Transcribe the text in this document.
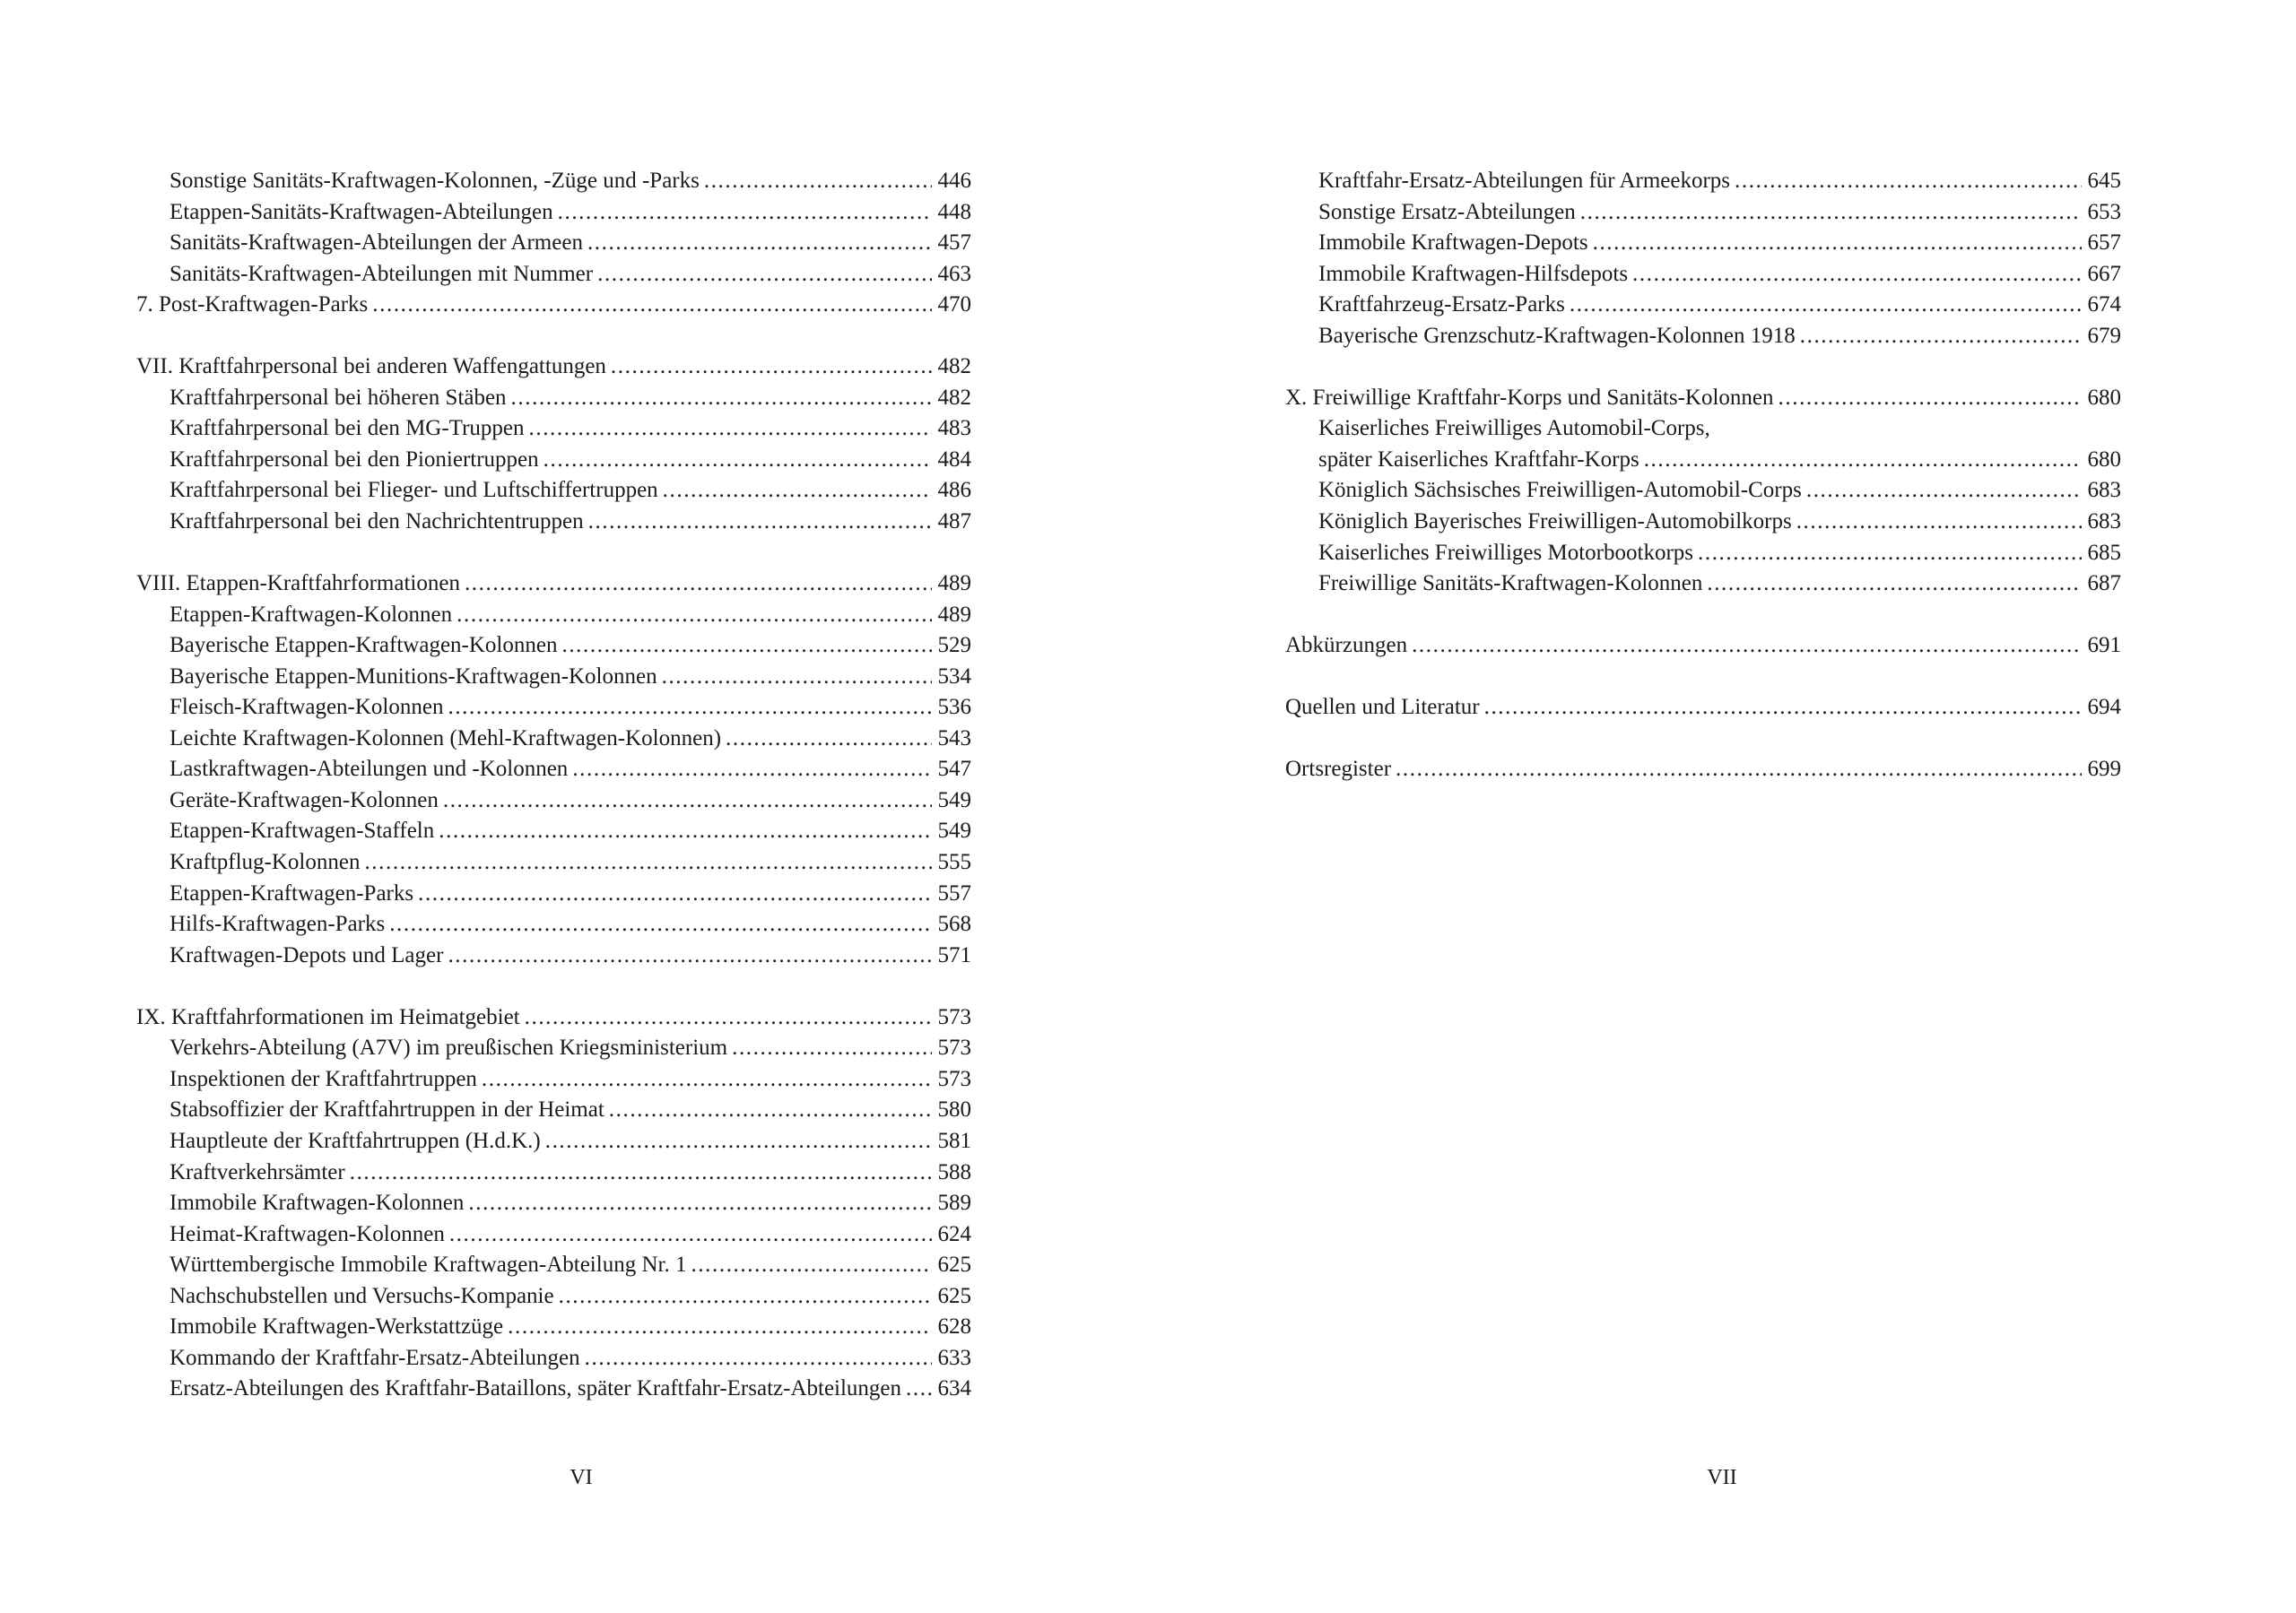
Sonstige Sanitäts-Kraftwagen-Kolonnen, -Züge und -Parks .....	446
Etappen-Sanitäts-Kraftwagen-Abteilungen .....	448
Sanitäts-Kraftwagen-Abteilungen der Armeen .....	457
Sanitäts-Kraftwagen-Abteilungen mit Nummer .....	463
7. Post-Kraftwagen-Parks .....	470
VII. Kraftfahrpersonal bei anderen Waffengattungen .....	482
Kraftfahrpersonal bei höheren Stäben .....	482
Kraftfahrpersonal bei den MG-Truppen .....	483
Kraftfahrpersonal bei den Pioniertruppen .....	484
Kraftfahrpersonal bei Flieger- und Luftschiffertruppen .....	486
Kraftfahrpersonal bei den Nachrichtentruppen .....	487
VIII. Etappen-Kraftfahrformationen .....	489
Etappen-Kraftwagen-Kolonnen .....	489
Bayerische Etappen-Kraftwagen-Kolonnen .....	529
Bayerische Etappen-Munitions-Kraftwagen-Kolonnen .....	534
Fleisch-Kraftwagen-Kolonnen .....	536
Leichte Kraftwagen-Kolonnen (Mehl-Kraftwagen-Kolonnen) .....	543
Lastkraftwagen-Abteilungen und -Kolonnen .....	547
Geräte-Kraftwagen-Kolonnen .....	549
Etappen-Kraftwagen-Staffeln .....	549
Kraftpflug-Kolonnen .....	555
Etappen-Kraftwagen-Parks .....	557
Hilfs-Kraftwagen-Parks .....	568
Kraftwagen-Depots und Lager .....	571
IX. Kraftfahrformationen im Heimatgebiet .....	573
Verkehrs-Abteilung (A7V) im preußischen Kriegsministerium .....	573
Inspektionen der Kraftfahrtruppen .....	573
Stabsoffizier der Kraftfahrtruppen in der Heimat .....	580
Hauptleute der Kraftfahrtruppen (H.d.K.) .....	581
Kraftverkehrsämter .....	588
Immobile Kraftwagen-Kolonnen .....	589
Heimat-Kraftwagen-Kolonnen .....	624
Württembergische Immobile Kraftwagen-Abteilung Nr. 1 .....	625
Nachschubstellen und Versuchs-Kompanie .....	625
Immobile Kraftwagen-Werkstattzüge .....	628
Kommando der Kraftfahr-Ersatz-Abteilungen .....	633
Ersatz-Abteilungen des Kraftfahr-Bataillons, später Kraftfahr-Ersatz-Abteilungen ..... 634
Kraftfahr-Ersatz-Abteilungen für Armeekorps .....	645
Sonstige Ersatz-Abteilungen .....	653
Immobile Kraftwagen-Depots .....	657
Immobile Kraftwagen-Hilfsdepots .....	667
Kraftfahrzeug-Ersatz-Parks .....	674
Bayerische Grenzschutz-Kraftwagen-Kolonnen 1918 .....	679
X. Freiwillige Kraftfahr-Korps und Sanitäts-Kolonnen .....	680
Kaiserliches Freiwilliges Automobil-Corps,
später Kaiserliches Kraftfahr-Korps .....	680
Königlich Sächsisches Freiwilligen-Automobil-Corps .....	683
Königlich Bayerisches Freiwilligen-Automobilkorps .....	683
Kaiserliches Freiwilliges Motorbootkorps .....	685
Freiwillige Sanitäts-Kraftwagen-Kolonnen .....	687
Abkürzungen .....	691
Quellen und Literatur .....	694
Ortsregister .....	699
VI	VII
